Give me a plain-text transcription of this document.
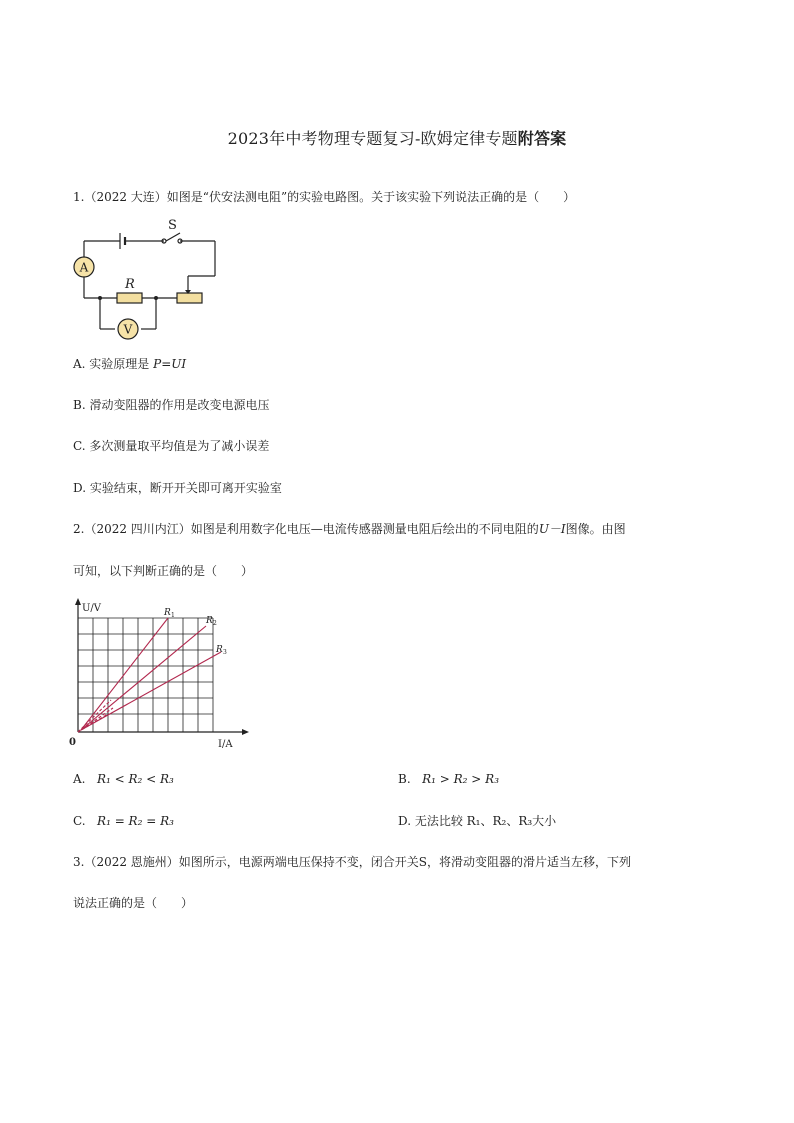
2023年中考物理专题复习-欧姆定律专题附答案
1.（2022 大连）如图是“伏安法测电阻”的实验电路图。关于该实验下列说法正确的是（　　）
A
V
S
R
A. 实验原理是 P=UI
B. 滑动变阻器的作用是改变电源电压
C. 多次测量取平均值是为了减小误差
D. 实验结束，断开开关即可离开实验室
2.（2022 四川内江）如图是利用数字化电压—电流传感器测量电阻后绘出的不同电阻的U－I图像。由图
可知，以下判断正确的是（　　）
U/V
I/A
0
R 1
R 2
R 3
A. R₁ < R₂ < R₃	B. R₁ > R₂ > R₃
C. R₁ = R₂ = R₃	D. 无法比较 R₁、R₂、R₃大小
3.（2022 恩施州）如图所示，电源两端电压保持不变，闭合开关S，将滑动变阻器的滑片适当左移，下列
说法正确的是（　　）
